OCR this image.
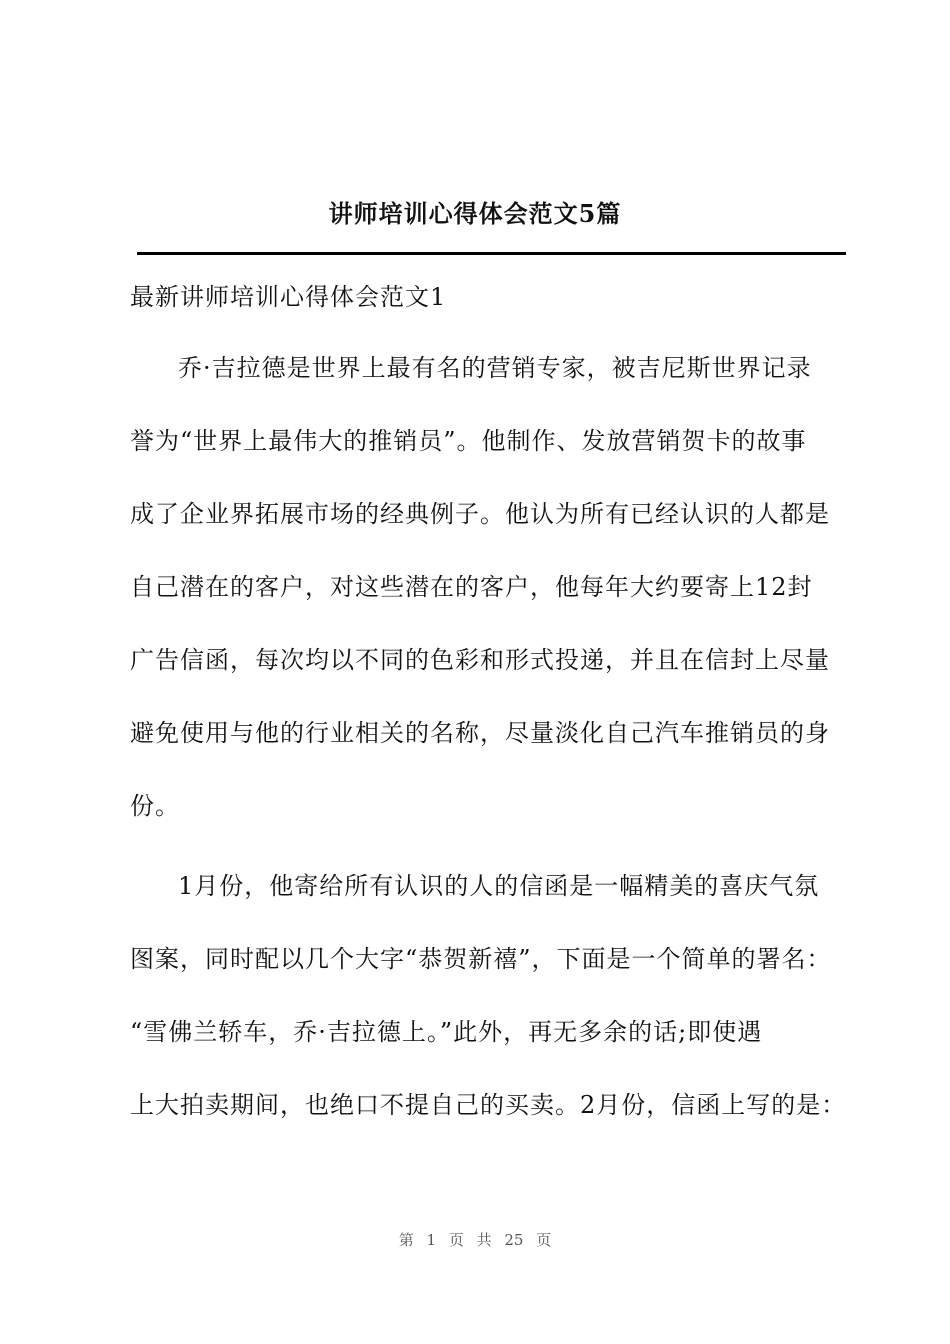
讲师培训心得体会范文5篇
最新讲师培训心得体会范文1
乔·吉拉德是世界上最有名的营销专家，被吉尼斯世界记录
誉为“世界上最伟大的推销员”。他制作、发放营销贺卡的故事
成了企业界拓展市场的经典例子。他认为所有已经认识的人都是
自己潜在的客户，对这些潜在的客户，他每年大约要寄上12封
广告信函，每次均以不同的色彩和形式投递，并且在信封上尽量
避免使用与他的行业相关的名称，尽量淡化自己汽车推销员的身
份。
1月份，他寄给所有认识的人的信函是一幅精美的喜庆气氛
图案，同时配以几个大字“恭贺新禧”，下面是一个简单的署名：
“雪佛兰轿车，乔·吉拉德上。”此外，再无多余的话;即使遇
上大拍卖期间，也绝口不提自己的买卖。2月份，信函上写的是：
第 1 页 共 25 页
